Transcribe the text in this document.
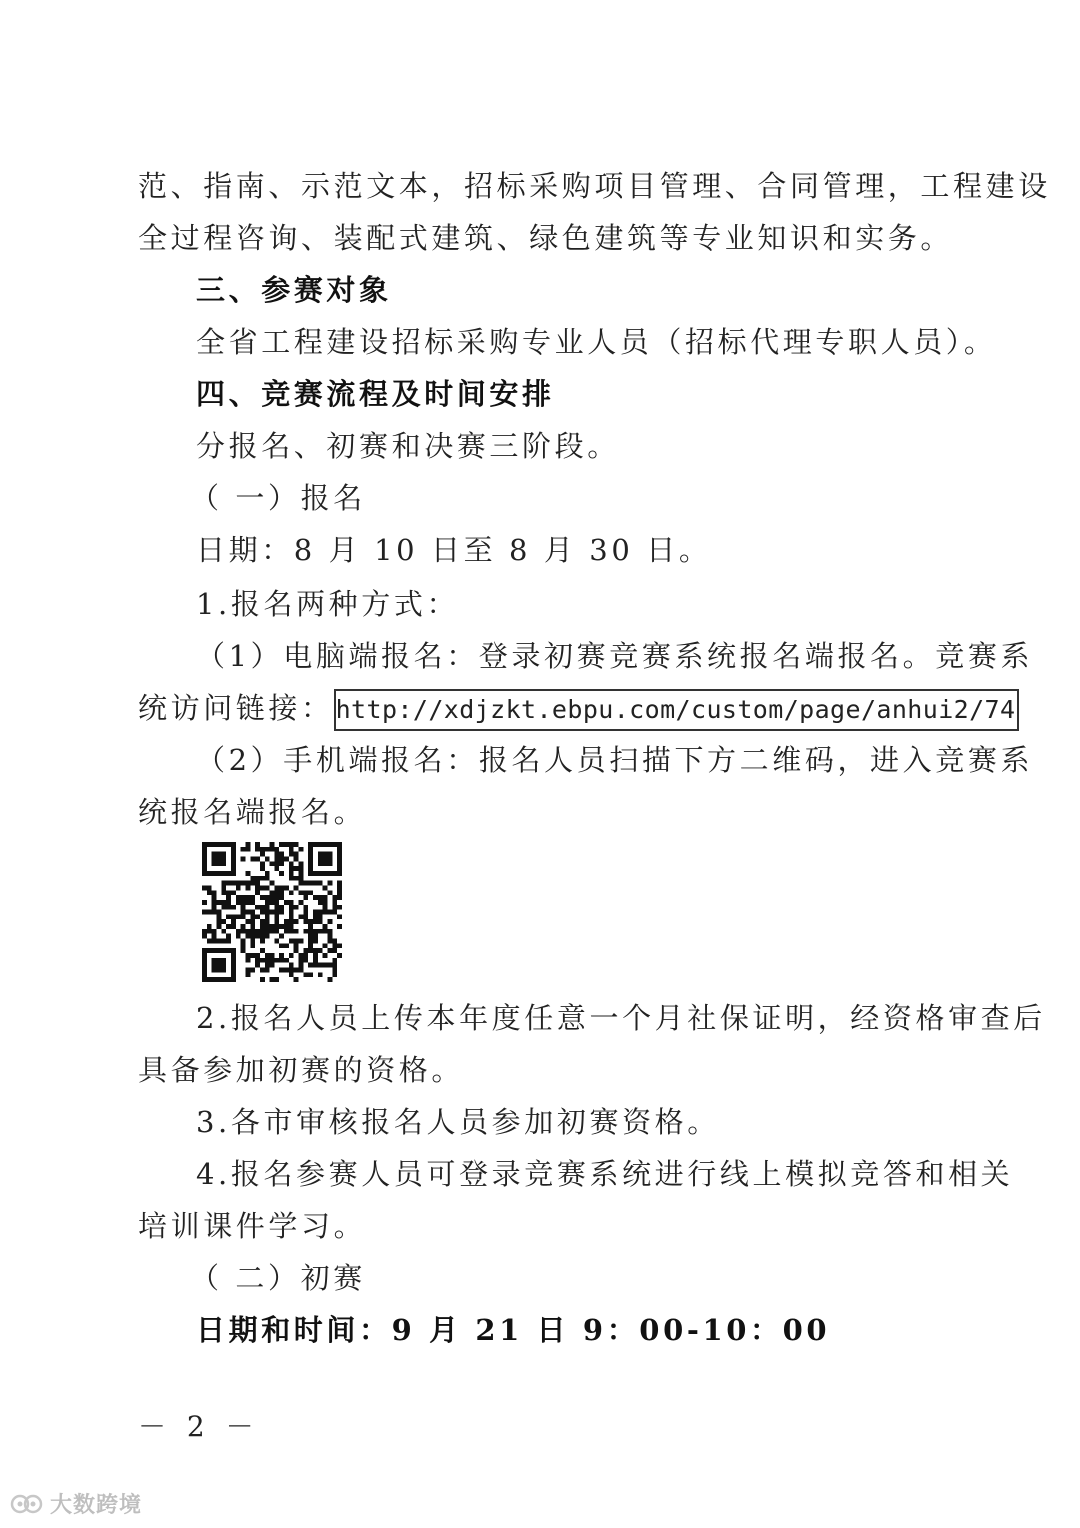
范、指南、示范文本，招标采购项目管理、合同管理，工程建设
全过程咨询、装配式建筑、绿色建筑等专业知识和实务。
三、参赛对象
全省工程建设招标采购专业人员（招标代理专职人员）。
四、竞赛流程及时间安排
分报名、初赛和决赛三阶段。
（ 一）报名
日期：8 月 10 日至 8 月 30 日。
1.报名两种方式：
（1）电脑端报名：登录初赛竞赛系统报名端报名。竞赛系
统访问链接：http://xdjzkt.ebpu.com/custom/page/anhui2/74
（2）手机端报名：报名人员扫描下方二维码，进入竞赛系
统报名端报名。
2.报名人员上传本年度任意一个月社保证明，经资格审查后
具备参加初赛的资格。
3.各市审核报名人员参加初赛资格。
4.报名参赛人员可登录竞赛系统进行线上模拟竞答和相关
培训课件学习。
（ 二）初赛
日期和时间：9 月 21 日 9：00-10：00
－ 2 －
大数跨境
